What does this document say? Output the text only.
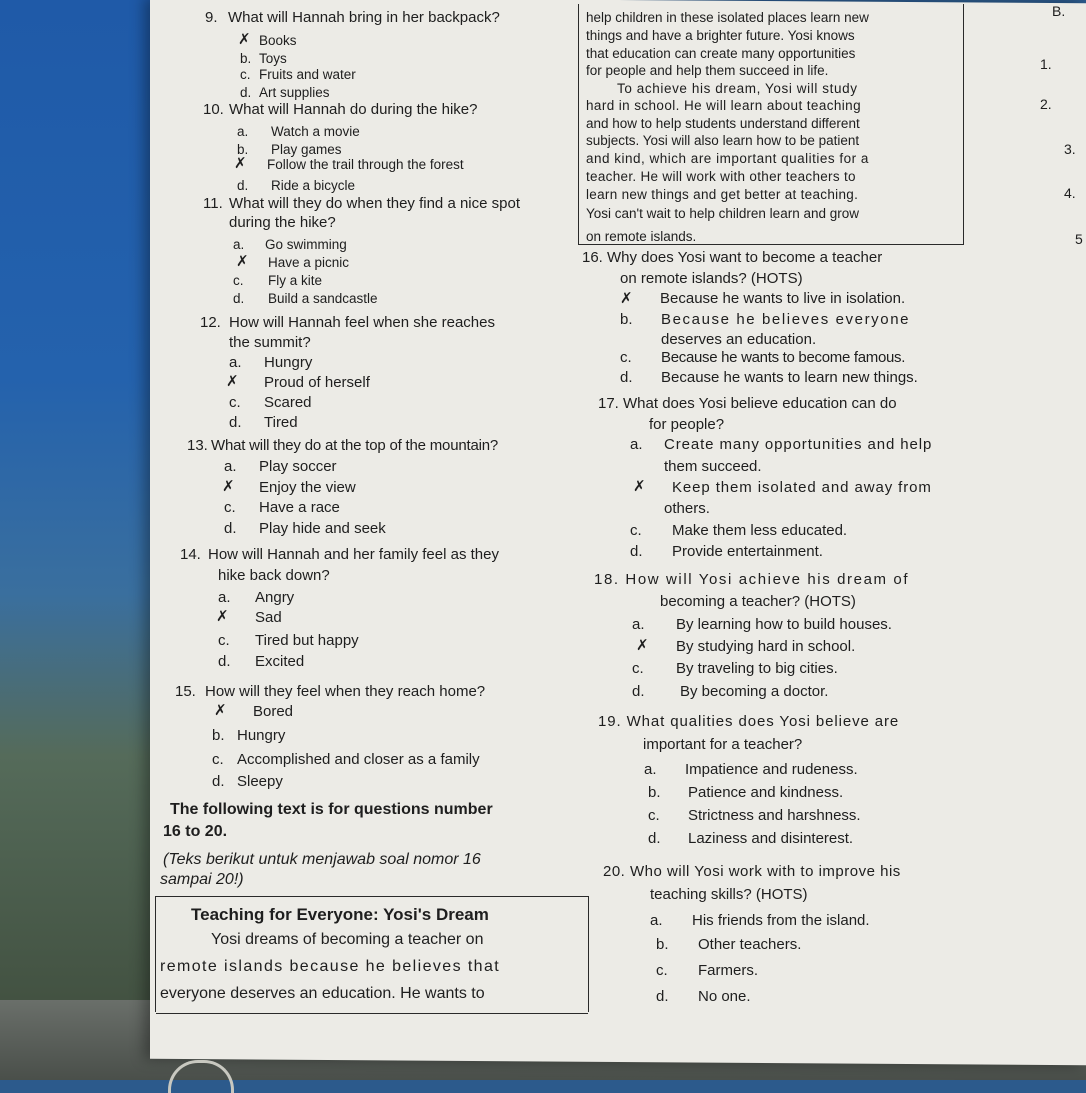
9. What will Hannah bring in her backpack?
✗ Books
b. Toys
c. Fruits and water
d. Art supplies
10. What will Hannah do during the hike?
a. Watch a movie
b. Play games
✗ Follow the trail through the forest
d. Ride a bicycle
11. What will they do when they find a nice spot
during the hike?
a. Go swimming
✗ Have a picnic
c. Fly a kite
d. Build a sandcastle
12. How will Hannah feel when she reaches
the summit?
a. Hungry
✗ Proud of herself
c. Scared
d. Tired
13. What will they do at the top of the mountain?
a. Play soccer
✗ Enjoy the view
c. Have a race
d. Play hide and seek
14. How will Hannah and her family feel as they
hike back down?
a. Angry
✗ Sad
c. Tired but happy
d. Excited
15. How will they feel when they reach home?
✗ Bored
b. Hungry
c. Accomplished and closer as a family
d. Sleepy
The following text is for questions number
16 to 20.
(Teks berikut untuk menjawab soal nomor 16
sampai 20!)
Teaching for Everyone: Yosi's Dream
Yosi dreams of becoming a teacher on
remote islands because he believes that
everyone deserves an education. He wants to
help children in these isolated places learn new
things and have a brighter future. Yosi knows
that education can create many opportunities
for people and help them succeed in life.
To achieve his dream, Yosi will study
hard in school. He will learn about teaching
and how to help students understand different
subjects. Yosi will also learn how to be patient
and kind, which are important qualities for a
teacher. He will work with other teachers to
learn new things and get better at teaching.
Yosi can't wait to help children learn and grow
on remote islands.
16. Why does Yosi want to become a teacher
on remote islands? (HOTS)
✗ Because he wants to live in isolation.
b. Because he believes everyone
deserves an education.
c. Because he wants to become famous.
d. Because he wants to learn new things.
17. What does Yosi believe education can do
for people?
a. Create many opportunities and help
them succeed.
✗ Keep them isolated and away from
others.
c. Make them less educated.
d. Provide entertainment.
18. How will Yosi achieve his dream of
becoming a teacher? (HOTS)
a. By learning how to build houses.
✗ By studying hard in school.
c. By traveling to big cities.
d. By becoming a doctor.
19. What qualities does Yosi believe are
important for a teacher?
a. Impatience and rudeness.
b. Patience and kindness.
c. Strictness and harshness.
d. Laziness and disinterest.
20. Who will Yosi work with to improve his
teaching skills? (HOTS)
a. His friends from the island.
b. Other teachers.
c. Farmers.
d. No one.
B.
1.
2.
3.
4.
5
